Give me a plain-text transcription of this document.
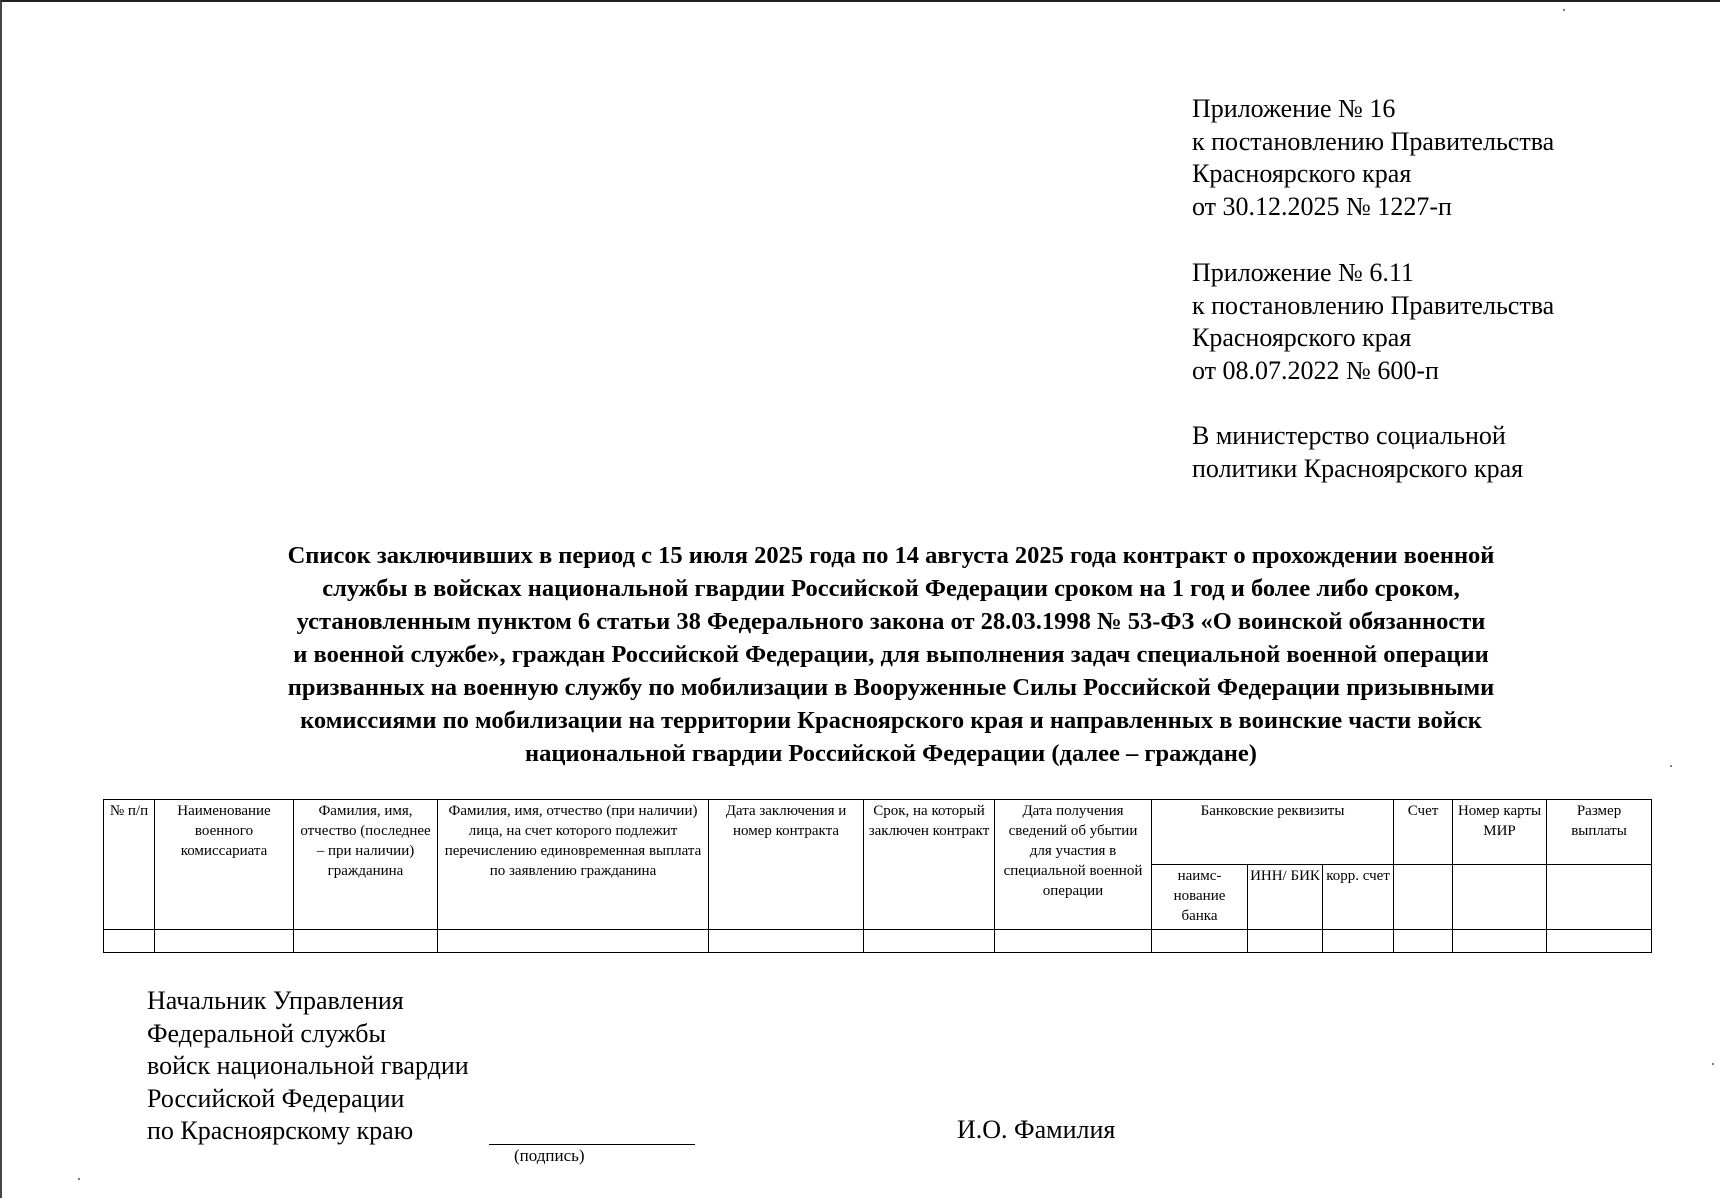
Приложение № 16
к постановлению Правительства
Красноярского края
от 30.12.2025 № 1227-п
Приложение № 6.11
к постановлению Правительства
Красноярского края
от 08.07.2022 № 600-п
В министерство социальной
политики Красноярского края
Список заключивших в период с 15 июля 2025 года по 14 августа 2025 года контракт о прохождении военной
службы в войсках национальной гвардии Российской Федерации сроком на 1 год и более либо сроком,
установленным пунктом 6 статьи 38 Федерального закона от 28.03.1998 № 53-ФЗ «О воинской обязанности
и военной службе», граждан Российской Федерации, для выполнения задач специальной военной операции
призванных на военную службу по мобилизации в Вооруженные Силы Российской Федерации призывными
комиссиями по мобилизации на территории Красноярского края и направленных в воинские части войск
национальной гвардии Российской Федерации (далее – граждане)
№ п/п	Наименование военного комиссариата	Фамилия, имя, отчество (последнее – при наличии) гражданина	Фамилия, имя, отчество (при наличии) лица, на счет которого подлежит перечислению единовременная выплата по заявлению гражданина	Дата заключения и номер контракта	Срок, на который заключен контракт	Дата получения сведений об убытии для участия в специальной военной операции	Банковские реквизиты			Счет	Номер карты МИР	Размер выплаты
							наимс-нование банка	ИНН/ БИК	корр. счет			

Начальник Управления
Федеральной службы
войск национальной гвардии
Российской Федерации
по Красноярскому краю
(подпись)
И.О. Фамилия
